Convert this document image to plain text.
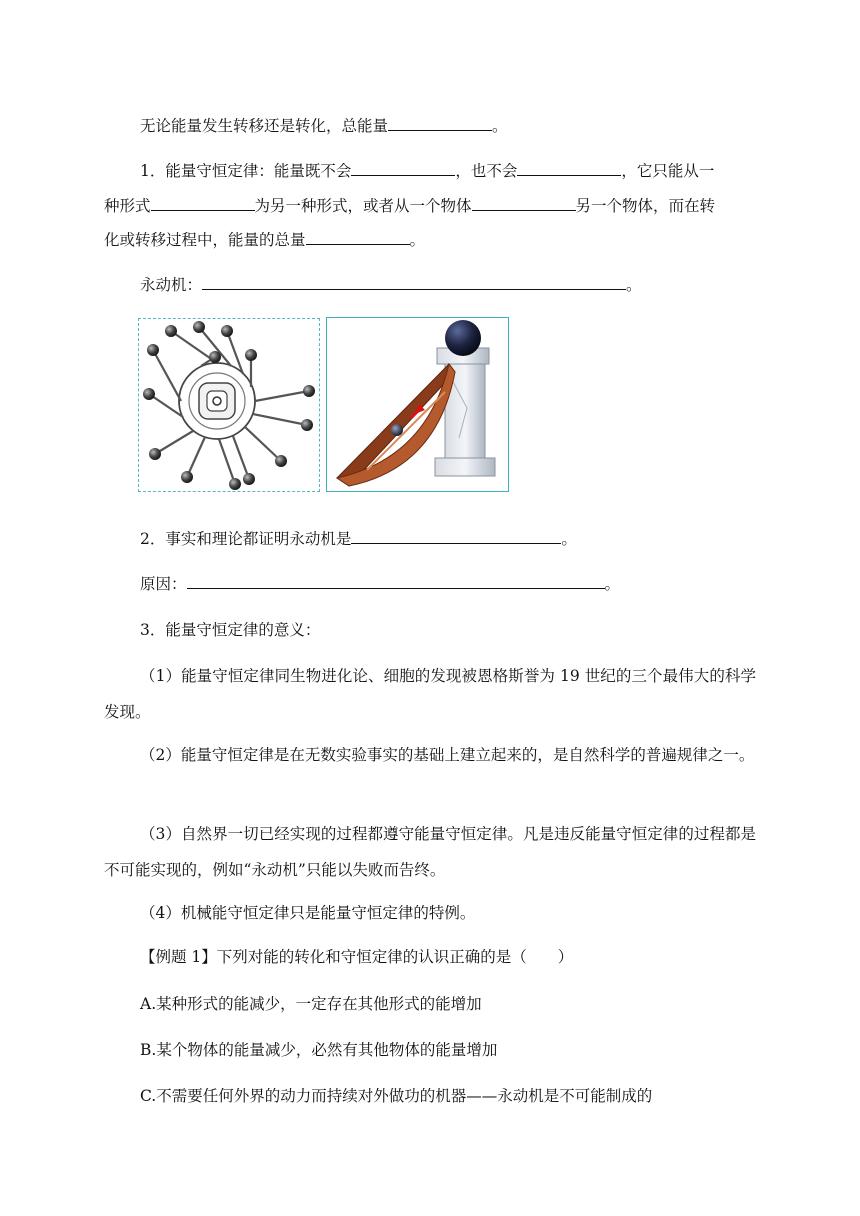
无论能量发生转移还是转化，总能量	。
1．能量守恒定律：能量既不会	，也不会	，它只能从一
种形式	为另一种形式，或者从一个物体	另一个物体，而在转
化或转移过程中，能量的总量	。
永动机：	。
2．事实和理论都证明永动机是	。
原因：	。
3．能量守恒定律的意义：
（1）能量守恒定律同生物进化论、细胞的发现被恩格斯誉为 19 世纪的三个最伟大的科学发现。
（2）能量守恒定律是在无数实验事实的基础上建立起来的，是自然科学的普遍规律之一。
（3）自然界一切已经实现的过程都遵守能量守恒定律。凡是违反能量守恒定律的过程都是不可能实现的，例如“永动机”只能以失败而告终。
（4）机械能守恒定律只是能量守恒定律的特例。
【例题 1】下列对能的转化和守恒定律的认识正确的是（　　）
A.某种形式的能减少，一定存在其他形式的能增加
B.某个物体的能量减少，必然有其他物体的能量增加
C.不需要任何外界的动力而持续对外做功的机器——永动机是不可能制成的
